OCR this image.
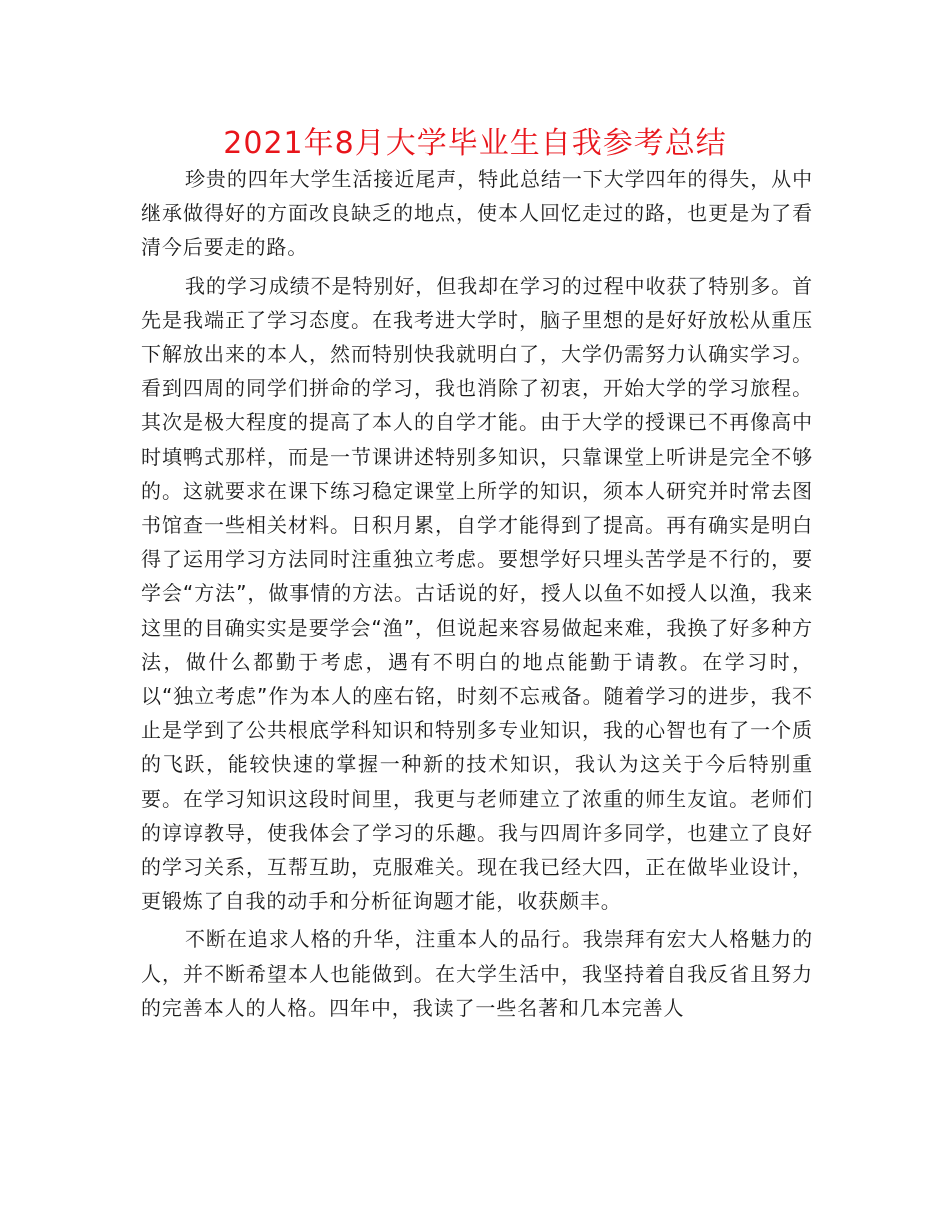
2021年8月大学毕业生自我参考总结

珍贵的四年大学生活接近尾声，特此总结一下大学四年的得失，从中继承做得好的方面改良缺乏的地点，使本人回忆走过的路，也更是为了看清今后要走的路。

我的学习成绩不是特别好，但我却在学习的过程中收获了特别多。首先是我端正了学习态度。在我考进大学时，脑子里想的是好好放松从重压下解放出来的本人，然而特别快我就明白了，大学仍需努力认确实学习。看到四周的同学们拼命的学习，我也消除了初衷，开始大学的学习旅程。其次是极大程度的提高了本人的自学才能。由于大学的授课已不再像高中时填鸭式那样，而是一节课讲述特别多知识，只靠课堂上听讲是完全不够的。这就要求在课下练习稳定课堂上所学的知识，须本人研究并时常去图书馆查一些相关材料。日积月累，自学才能得到了提高。再有确实是明白得了运用学习方法同时注重独立考虑。要想学好只埋头苦学是不行的，要学会“方法”，做事情的方法。古话说的好，授人以鱼不如授人以渔，我来这里的目确实实是要学会“渔”，但说起来容易做起来难，我换了好多种方法，做什么都勤于考虑，遇有不明白的地点能勤于请教。在学习时，以“独立考虑”作为本人的座右铭，时刻不忘戒备。随着学习的进步，我不止是学到了公共根底学科知识和特别多专业知识，我的心智也有了一个质的飞跃，能较快速的掌握一种新的技术知识，我认为这关于今后特别重要。在学习知识这段时间里，我更与老师建立了浓重的师生友谊。老师们的谆谆教导，使我体会了学习的乐趣。我与四周许多同学，也建立了良好的学习关系，互帮互助，克服难关。现在我已经大四，正在做毕业设计，更锻炼了自我的动手和分析征询题才能，收获颇丰。

不断在追求人格的升华，注重本人的品行。我崇拜有宏大人格魅力的人，并不断希望本人也能做到。在大学生活中，我坚持着自我反省且努力的完善本人的人格。四年中，我读了一些名著和几本完善人
